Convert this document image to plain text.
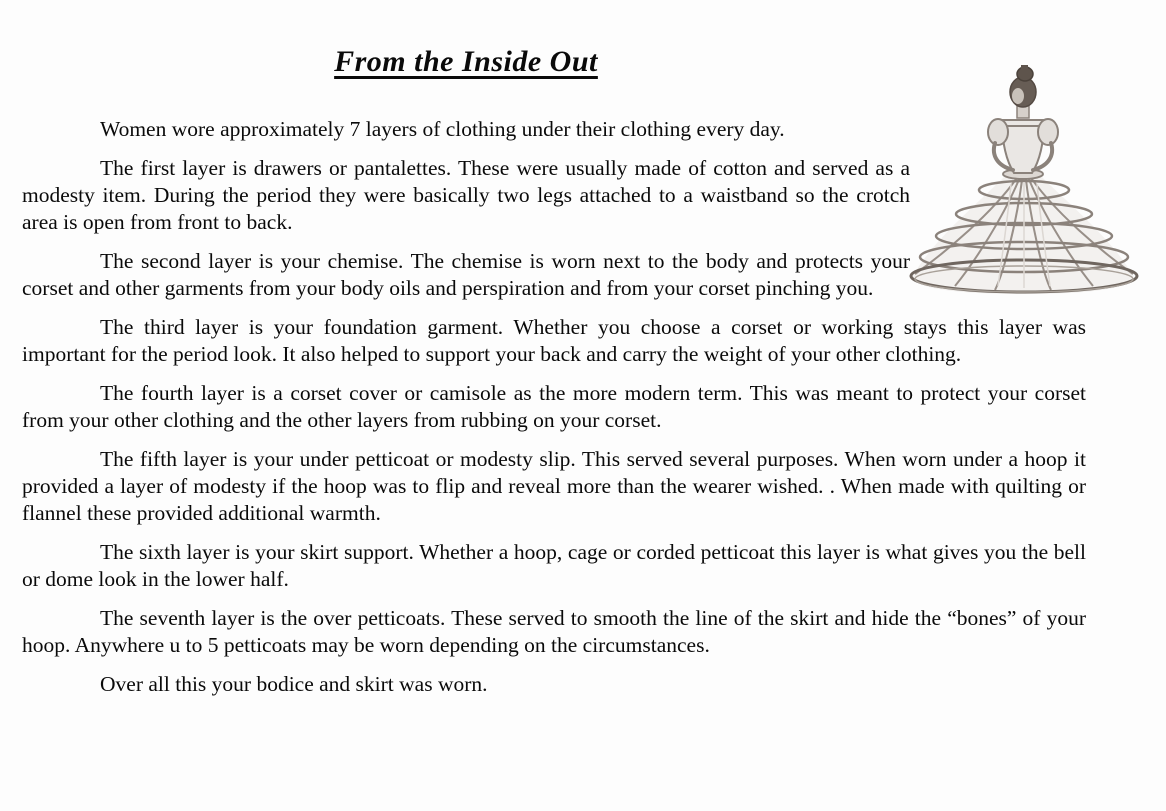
From the Inside Out

Women wore approximately 7 layers of clothing under their clothing every day.

The first layer is drawers or pantalettes. These were usually made of cotton and served as a modesty item. During the period they were basically two legs attached to a waistband so the crotch area is open from front to back.

The second layer is your chemise. The chemise is worn next to the body and protects your corset and other garments from your body oils and perspiration and from your corset pinching you.

The third layer is your foundation garment. Whether you choose a corset or working stays this layer was important for the period look. It also helped to support your back and carry the weight of your other clothing.

The fourth layer is a corset cover or camisole as the more modern term. This was meant to protect your corset from your other clothing and the other layers from rubbing on your corset.

The fifth layer is your under petticoat or modesty slip. This served several purposes. When worn under a hoop it provided a layer of modesty if the hoop was to flip and reveal more than the wearer wished. . When made with quilting or flannel these provided additional warmth.

The sixth layer is your skirt support. Whether a hoop, cage or corded petticoat this layer is what gives you the bell or dome look in the lower half.

The seventh layer is the over petticoats. These served to smooth the line of the skirt and hide the “bones” of your hoop. Anywhere u to 5 petticoats may be worn depending on the circumstances.

Over all this your bodice and skirt was worn.
